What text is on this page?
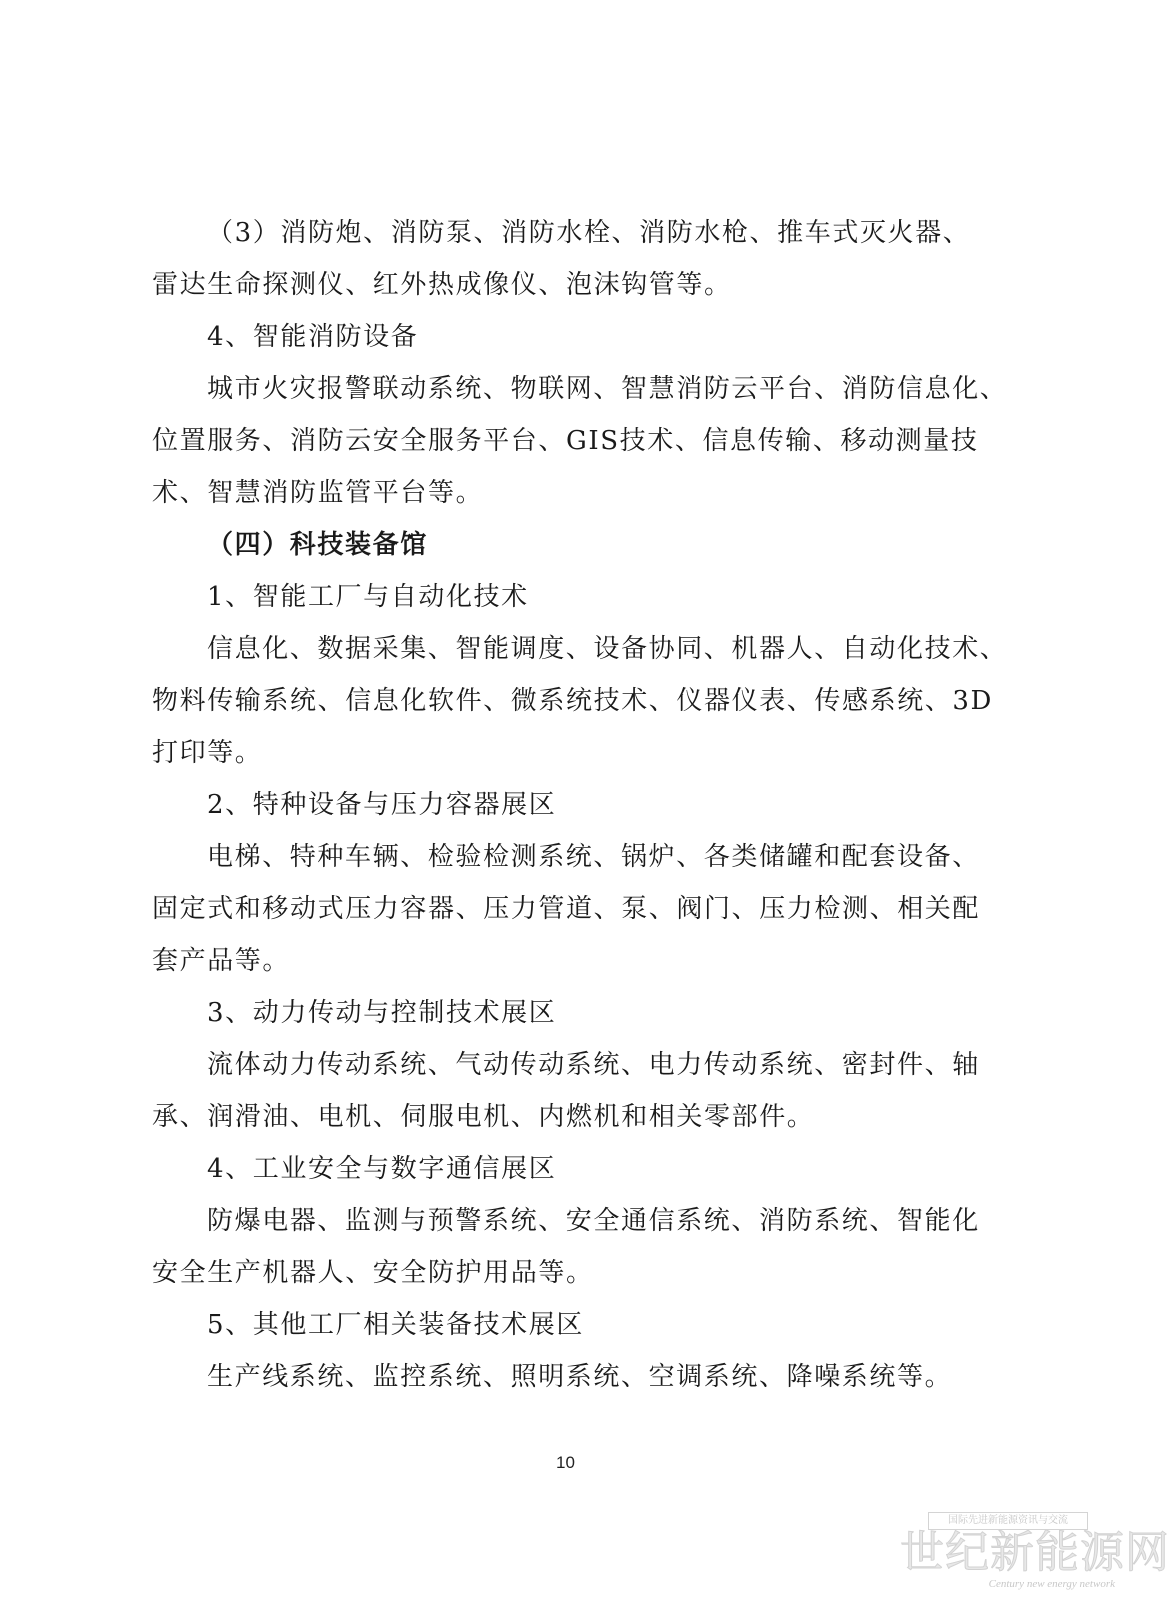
（3）消防炮、消防泵、消防水栓、消防水枪、推车式灭火器、

雷达生命探测仪、红外热成像仪、泡沫钩管等。

4、智能消防设备

城市火灾报警联动系统、物联网、智慧消防云平台、消防信息化、

位置服务、消防云安全服务平台、GIS技术、信息传输、移动测量技

术、智慧消防监管平台等。

（四）科技装备馆

1、智能工厂与自动化技术

信息化、数据采集、智能调度、设备协同、机器人、自动化技术、

物料传输系统、信息化软件、微系统技术、仪器仪表、传感系统、3D

打印等。

2、特种设备与压力容器展区

电梯、特种车辆、检验检测系统、锅炉、各类储罐和配套设备、

固定式和移动式压力容器、压力管道、泵、阀门、压力检测、相关配

套产品等。

3、动力传动与控制技术展区

流体动力传动系统、气动传动系统、电力传动系统、密封件、轴

承、润滑油、电机、伺服电机、内燃机和相关零部件。

4、工业安全与数字通信展区

防爆电器、监测与预警系统、安全通信系统、消防系统、智能化

安全生产机器人、安全防护用品等。

5、其他工厂相关装备技术展区

生产线系统、监控系统、照明系统、空调系统、降噪系统等。

10
国际先进新能源资讯与交流
世纪新能源网
Century new energy network
